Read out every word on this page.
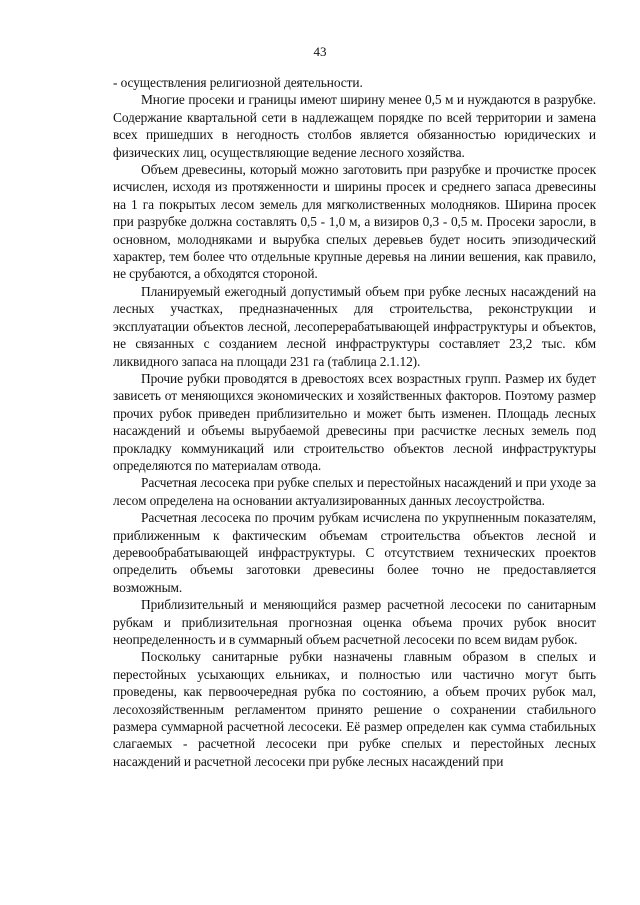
43

- осуществления религиозной деятельности.

Многие просеки и границы имеют ширину менее 0,5 м и нуждаются в разрубке. Содержание квартальной сети в надлежащем порядке по всей территории и замена всех пришедших в негодность столбов является обязанностью юридических и физических лиц, осуществляющие ведение лесного хозяйства.

Объем древесины, который можно заготовить при разрубке и прочистке просек исчислен, исходя из протяженности и ширины просек и среднего запаса древесины на 1 га покрытых лесом земель для мягколиственных молодняков. Ширина просек при разрубке должна составлять 0,5 - 1,0 м, а визиров 0,3 - 0,5 м. Просеки заросли, в основном, молодняками и вырубка спелых деревьев будет носить эпизодический характер, тем более что отдельные крупные деревья на линии вешения, как правило, не срубаются, а обходятся стороной.

Планируемый ежегодный допустимый объем при рубке лесных насаждений на лесных участках, предназначенных для строительства, реконструкции и эксплуатации объектов лесной, лесоперерабатывающей инфраструктуры и объектов, не связанных с созданием лесной инфраструктуры составляет 23,2 тыс. кбм ликвидного запаса на площади 231 га (таблица 2.1.12).

Прочие рубки проводятся в древостоях всех возрастных групп. Размер их будет зависеть от меняющихся экономических и хозяйственных факторов. Поэтому размер прочих рубок приведен приблизительно и может быть изменен. Площадь лесных насаждений и объемы вырубаемой древесины при расчистке лесных земель под прокладку коммуникаций или строительство объектов лесной инфраструктуры определяются по материалам отвода.

Расчетная лесосека при рубке спелых и перестойных насаждений и при уходе за лесом определена на основании актуализированных данных лесоустройства.

Расчетная лесосека по прочим рубкам исчислена по укрупненным показателям, приближенным к фактическим объемам строительства объектов лесной и деревообрабатывающей инфраструктуры. С отсутствием технических проектов определить объемы заготовки древесины более точно не предоставляется возможным.

Приблизительный и меняющийся размер расчетной лесосеки по санитарным рубкам и приблизительная прогнозная оценка объема прочих рубок вносит неопределенность и в суммарный объем расчетной лесосеки по всем видам рубок.

Поскольку санитарные рубки назначены главным образом в спелых и перестойных усыхающих ельниках, и полностью или частично могут быть проведены, как первоочередная рубка по состоянию, а объем прочих рубок мал, лесохозяйственным регламентом принято решение о сохранении стабильного размера суммарной расчетной лесосеки. Её размер определен как сумма стабильных слагаемых - расчетной лесосеки при рубке спелых и перестойных лесных насаждений и расчетной лесосеки при рубке лесных насаждений при
